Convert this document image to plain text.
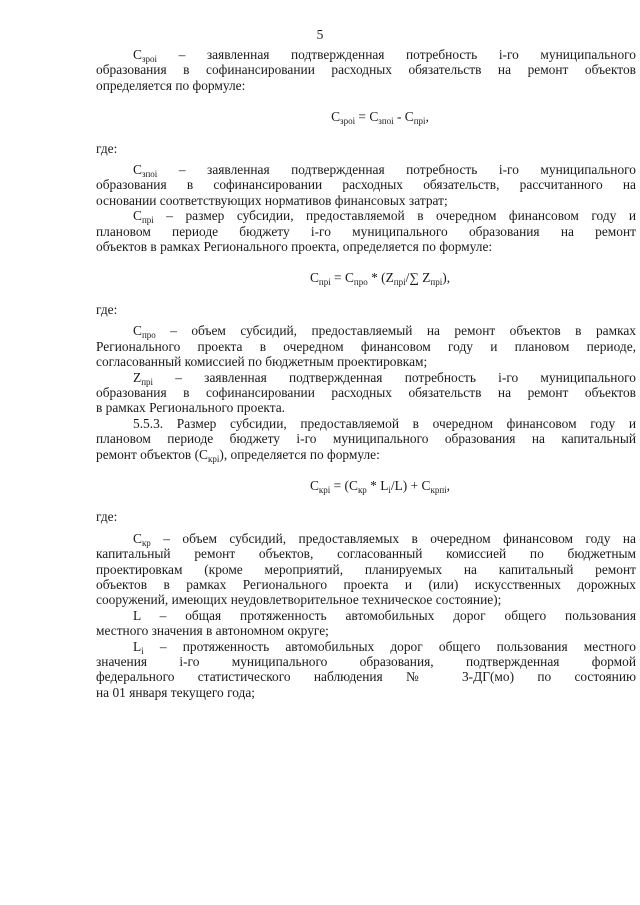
5

$С_{зроi}$ – заявленная подтвержденная потребность i-го муниципального

образования в софинансировании расходных обязательств на ремонт объектов

определяется по формуле:

$С_{зроi} = С_{зпоi} - С_{прi}$,

где:

$С_{зпоi}$ – заявленная подтвержденная потребность i-го муниципального

образования в софинансировании расходных обязательств, рассчитанного на

основании соответствующих нормативов финансовых затрат;

$С_{прi}$ – размер субсидии, предоставляемой в очередном финансовом году и

плановом периоде бюджету i-го муниципального образования на ремонт

объектов в рамках Регионального проекта, определяется по формуле:

$С_{прi} = С_{про} * (Z_{прi}/\sum$ $Z_{прi}$),

где:

$С_{про}$ – объем субсидий, предоставляемый на ремонт объектов в рамках

Регионального проекта в очередном финансовом году и плановом периоде,

согласованный комиссией по бюджетным проектировкам;

$Z_{прi}$ – заявленная подтвержденная потребность i-го муниципального

образования в софинансировании расходных обязательств на ремонт объектов

в рамках Регионального проекта.

5.5.3. Размер субсидии, предоставляемой в очередном финансовом году и

плановом периоде бюджету i-го муниципального образования на капитальный

ремонт объектов $(С_{крi})$, определяется по формуле:

$С_{крi} = (С_{кр} * L_i/L) + С_{крпi}$,

где:

$С_{кр}$ – объем субсидий, предоставляемых в очередном финансовом году на

капитальный ремонт объектов, согласованный комиссией по бюджетным

проектировкам (кроме мероприятий, планируемых на капитальный ремонт

объектов в рамках Регионального проекта и (или) искусственных дорожных

сооружений, имеющих неудовлетворительное техническое состояние);

L – общая протяженность автомобильных дорог общего пользования

местного значения в автономном округе;

$L_i$ – протяженность автомобильных дорог общего пользования местного

значения i-го муниципального образования, подтвержденная формой

федерального статистического наблюдения № 3-ДГ(мо) по состоянию

на 01 января текущего года;
